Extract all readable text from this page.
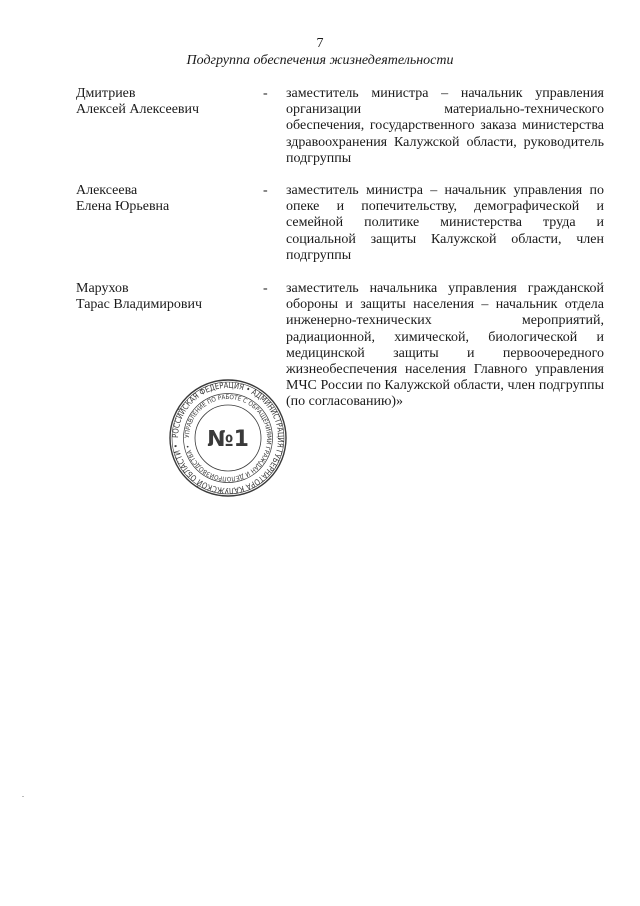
7
Подгруппа обеспечения жизнедеятельности
Дмитриев
Алексей Алексеевич
- заместитель министра – начальник управления организации материально-технического обеспечения, государственного заказа министерства здравоохранения Калужской области, руководитель подгруппы
Алексеева
Елена Юрьевна
- заместитель министра – начальник управления по опеке и попечительству, демографической и семейной политике министерства труда и социальной защиты Калужской области, член подгруппы
Марухов
Тарас Владимирович
- заместитель начальника управления гражданской обороны и защиты населения – начальник отдела инженерно-технических мероприятий, радиационной, химической, биологической и медицинской защиты и первоочередного жизнеобеспечения населения Главного управления МЧС России по Калужской области, член подгруппы (по согласованию)»
РОССИЙСКАЯ ФЕДЕРАЦИЯ • АДМИНИСТРАЦИЯ ГУБЕРНАТОРА КАЛУЖСКОЙ ОБЛАСТИ •
УПРАВЛЕНИЕ ПО РАБОТЕ С ОБРАЩЕНИЯМИ ГРАЖДАН И ДЕЛОПРОИЗВОДСТВА • №1
